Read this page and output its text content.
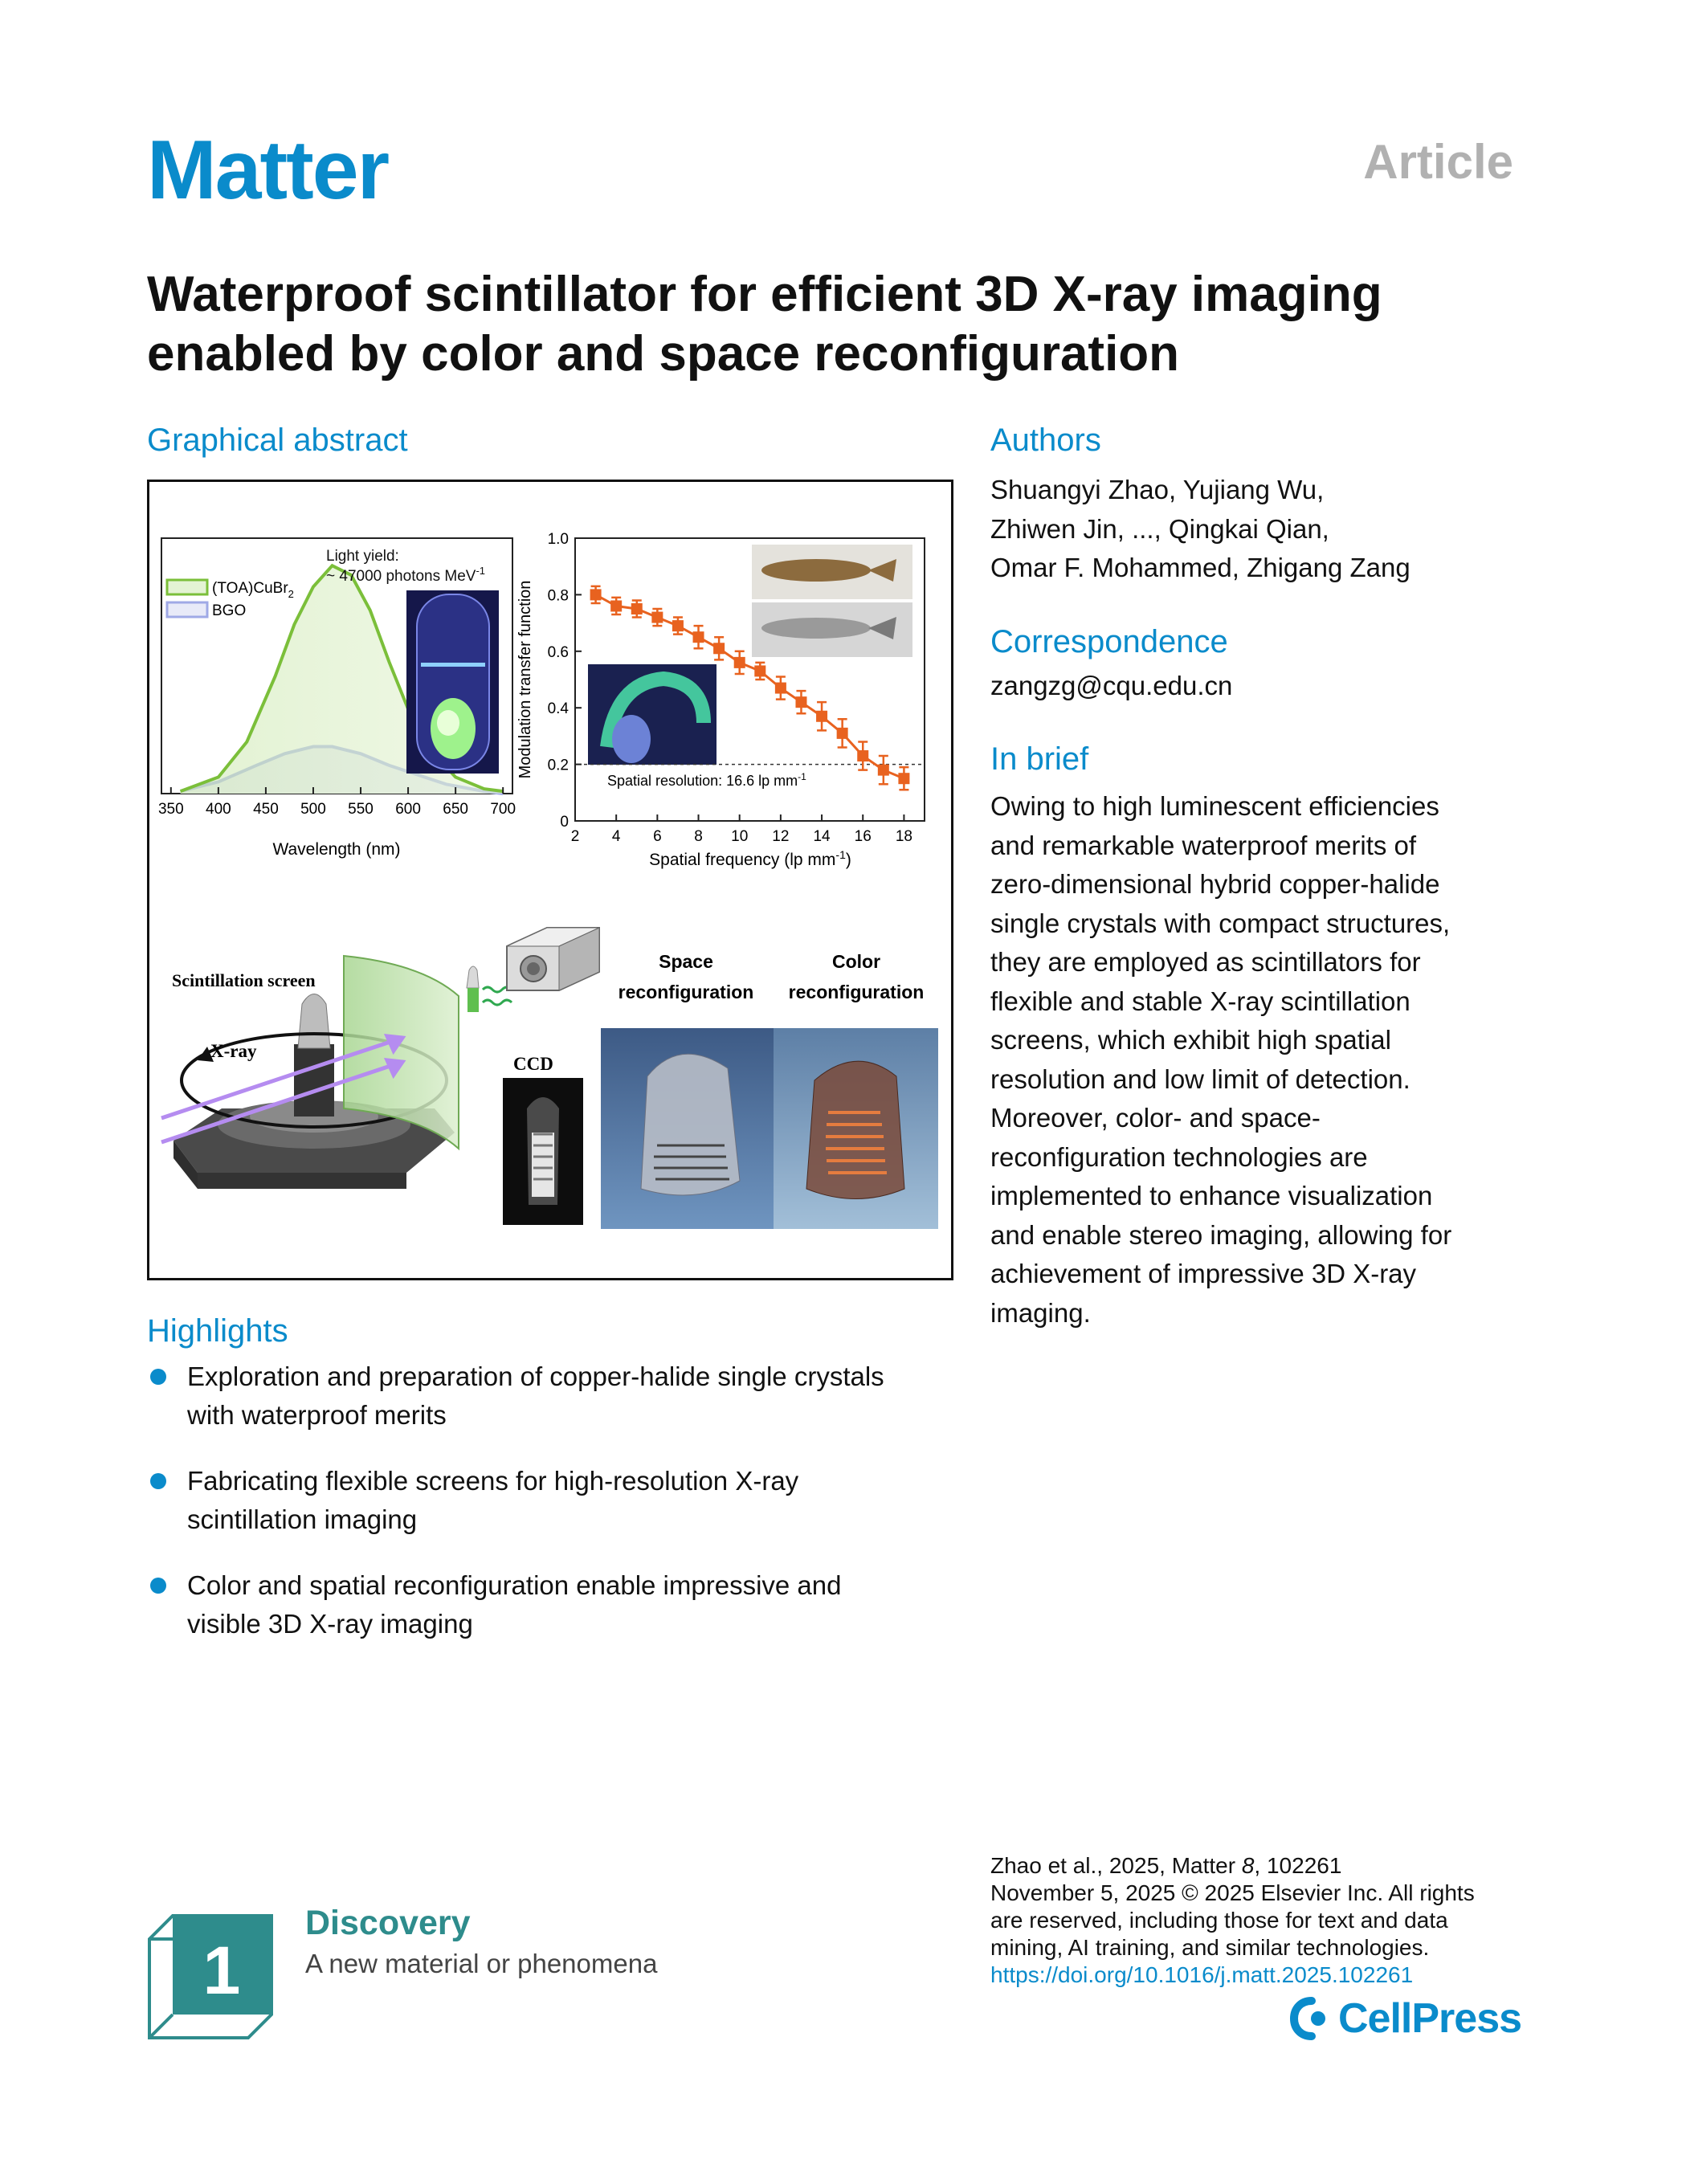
Matter	Article
Waterproof scintillator for efficient 3D X-ray imaging enabled by color and space reconfiguration
Graphical abstract
Light yield:
~ 47000 photons MeV$^{-1}$
(TOA)CuBr$_2$
BGO
350 400 450 500 550 600 650 700
Wavelength (nm)
Spatial resolution: 16.6 lp $mm^{-1}$
2 4 6 8 10 12 14 16 18
0
0.2
0.4
0.6
0.8
1.0
Modulation transfer function
Spatial frequency (lp $mm^{-1}$)
Scintillation screen
X-ray
CCD
Space
reconfiguration
Color
reconfiguration
Highlights
Exploration and preparation of copper-halide single crystals
with waterproof merits
Fabricating flexible screens for high-resolution X-ray
scintillation imaging
Color and spatial reconfiguration enable impressive and
visible 3D X-ray imaging
Authors
Shuangyi Zhao, Yujiang Wu,
Zhiwen Jin, ..., Qingkai Qian,
Omar F. Mohammed, Zhigang Zang
Correspondence
zangzg@cqu.edu.cn
In brief
Owing to high luminescent efficiencies
and remarkable waterproof merits of
zero-dimensional hybrid copper-halide
single crystals with compact structures,
they are employed as scintillators for
flexible and stable X-ray scintillation
screens, which exhibit high spatial
resolution and low limit of detection.
Moreover, color- and space-
reconfiguration technologies are
implemented to enhance visualization
and enable stereo imaging, allowing for
achievement of impressive 3D X-ray
imaging.
1
Discovery
A new material or phenomena
Zhao et al., 2025, Matter 8, 102261
November 5, 2025 © 2025 Elsevier Inc. All rights
are reserved, including those for text and data
mining, AI training, and similar technologies.
https://doi.org/10.1016/j.matt.2025.102261
CellPress
